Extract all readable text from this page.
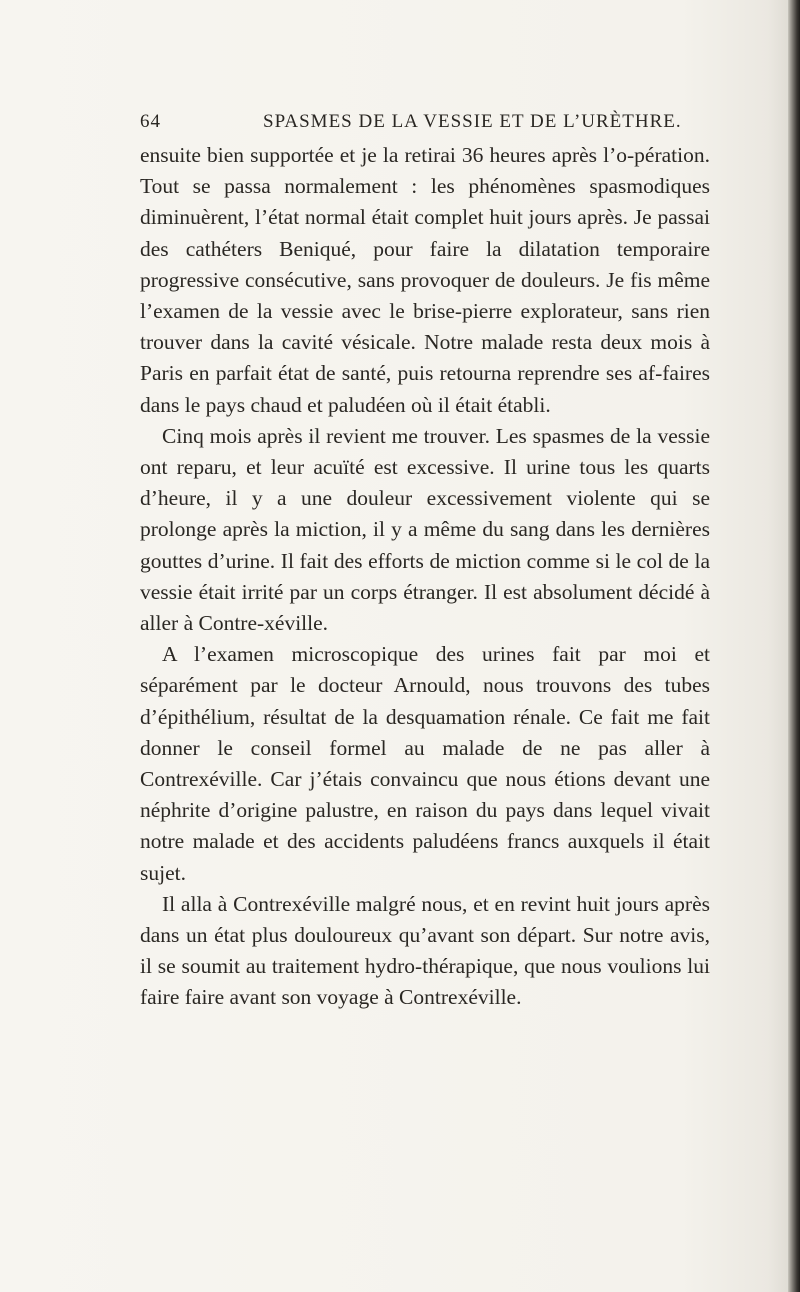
64	SPASMES DE LA VESSIE ET DE L’URÈTHRE.

ensuite bien supportée et je la retirai 36 heures après l’o-pération. Tout se passa normalement : les phénomènes spasmodiques diminuèrent, l’état normal était complet huit jours après. Je passai des cathéters Beniqué, pour faire la dilatation temporaire progressive consécutive, sans provoquer de douleurs. Je fis même l’examen de la vessie avec le brise-pierre explorateur, sans rien trouver dans la cavité vésicale. Notre malade resta deux mois à Paris en parfait état de santé, puis retourna reprendre ses af-faires dans le pays chaud et paludéen où il était établi.

Cinq mois après il revient me trouver. Les spasmes de la vessie ont reparu, et leur acuïté est excessive. Il urine tous les quarts d’heure, il y a une douleur excessivement violente qui se prolonge après la miction, il y a même du sang dans les dernières gouttes d’urine. Il fait des efforts de miction comme si le col de la vessie était irrité par un corps étranger. Il est absolument décidé à aller à Contre-xéville.

A l’examen microscopique des urines fait par moi et séparément par le docteur Arnould, nous trouvons des tubes d’épithélium, résultat de la desquamation rénale. Ce fait me fait donner le conseil formel au malade de ne pas aller à Contrexéville. Car j’étais convaincu que nous étions devant une néphrite d’origine palustre, en raison du pays dans lequel vivait notre malade et des accidents paludéens francs auxquels il était sujet.

Il alla à Contrexéville malgré nous, et en revint huit jours après dans un état plus douloureux qu’avant son départ. Sur notre avis, il se soumit au traitement hydro-thérapique, que nous voulions lui faire faire avant son voyage à Contrexéville.
